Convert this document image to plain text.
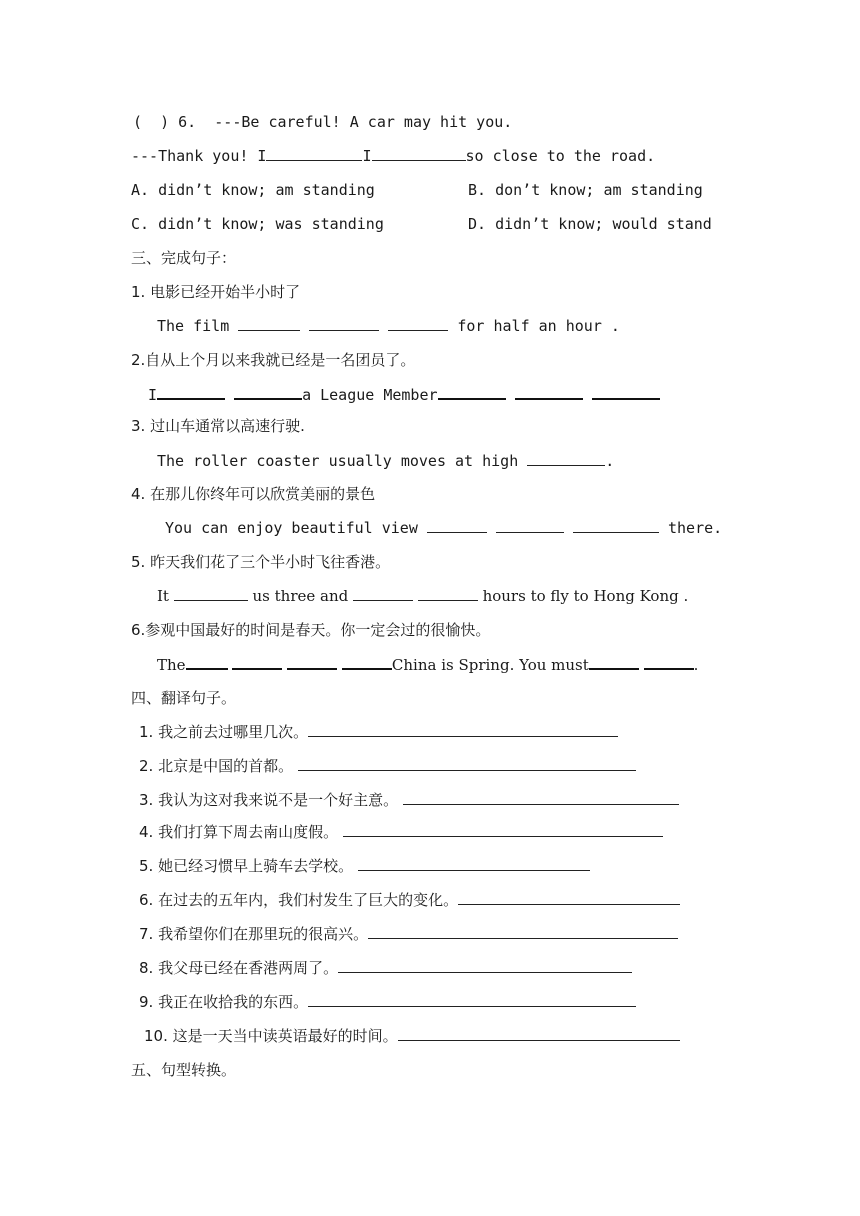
(  ) 6.  ---Be careful! A car may hit you.
---Thank you! I	I	so close to the road.
A. didn’t know; am standing	B. don’t know; am standing
C. didn’t know; was standing	D. didn’t know; would stand
三、完成句子：
1. 电影已经开始半小时了
The film	for half an hour .
2.自从上个月以来我就已经是一名团员了。
I	a League Member
3. 过山车通常以高速行驶.
The roller coaster usually moves at high	.
4. 在那儿你终年可以欣赏美丽的景色
You can enjoy beautiful view	there.
5. 昨天我们花了三个半小时飞往香港。
It	us three and	hours to fly to Hong Kong .
6.参观中国最好的时间是春天。你一定会过的很愉快。
The	China is Spring. You must	.
四、翻译句子。
1. 我之前去过哪里几次。
2. 北京是中国的首都。
3. 我认为这对我来说不是一个好主意。
4. 我们打算下周去南山度假。
5. 她已经习惯早上骑车去学校。
6. 在过去的五年内，我们村发生了巨大的变化。
7. 我希望你们在那里玩的很高兴。
8. 我父母已经在香港两周了。
9. 我正在收拾我的东西。
10. 这是一天当中读英语最好的时间。
五、句型转换。
